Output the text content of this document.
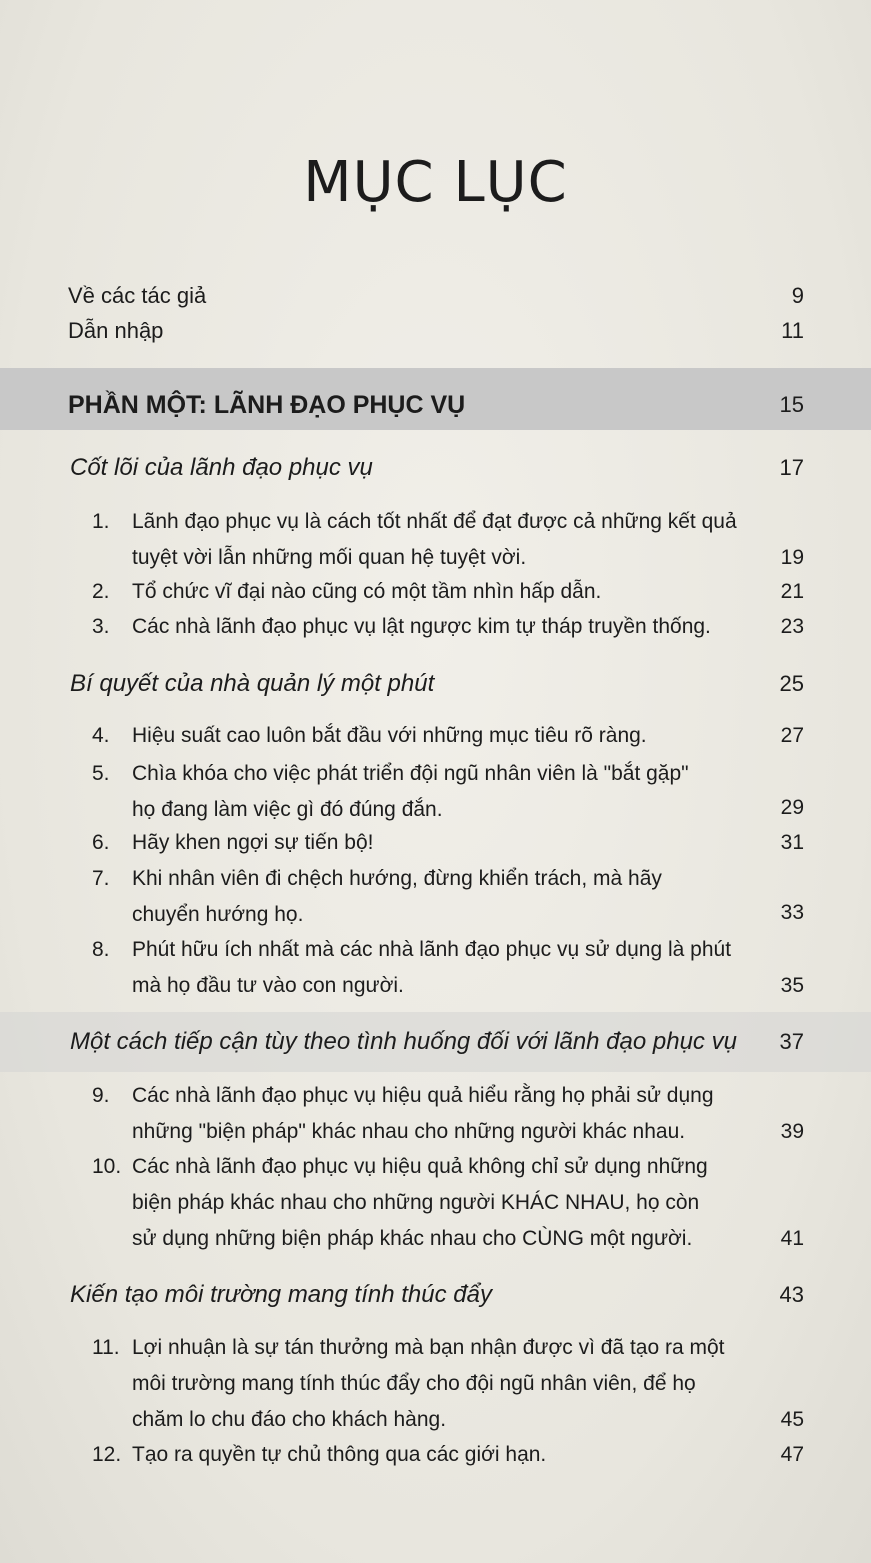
MỤC LỤC
Về các tác giả	9
Dẫn nhập	11
PHẦN MỘT: LÃNH ĐẠO PHỤC VỤ	15
Cốt lõi của lãnh đạo phục vụ	17
1. Lãnh đạo phục vụ là cách tốt nhất để đạt được cả những kết quả
tuyệt vời lẫn những mối quan hệ tuyệt vời.	19
2. Tổ chức vĩ đại nào cũng có một tầm nhìn hấp dẫn.	21
3. Các nhà lãnh đạo phục vụ lật ngược kim tự tháp truyền thống.	23
Bí quyết của nhà quản lý một phút	25
4. Hiệu suất cao luôn bắt đầu với những mục tiêu rõ ràng.	27
5. Chìa khóa cho việc phát triển đội ngũ nhân viên là "bắt gặp"
họ đang làm việc gì đó đúng đắn.	29
6. Hãy khen ngợi sự tiến bộ!	31
7. Khi nhân viên đi chệch hướng, đừng khiển trách, mà hãy
chuyển hướng họ.	33
8. Phút hữu ích nhất mà các nhà lãnh đạo phục vụ sử dụng là phút
mà họ đầu tư vào con người.	35
Một cách tiếp cận tùy theo tình huống đối với lãnh đạo phục vụ 37
9. Các nhà lãnh đạo phục vụ hiệu quả hiểu rằng họ phải sử dụng
những "biện pháp" khác nhau cho những người khác nhau.	39
10. Các nhà lãnh đạo phục vụ hiệu quả không chỉ sử dụng những
biện pháp khác nhau cho những người KHÁC NHAU, họ còn
sử dụng những biện pháp khác nhau cho CÙNG một người.	41
Kiến tạo môi trường mang tính thúc đẩy	43
11. Lợi nhuận là sự tán thưởng mà bạn nhận được vì đã tạo ra một
môi trường mang tính thúc đẩy cho đội ngũ nhân viên, để họ
chăm lo chu đáo cho khách hàng.	45
12. Tạo ra quyền tự chủ thông qua các giới hạn.	47
